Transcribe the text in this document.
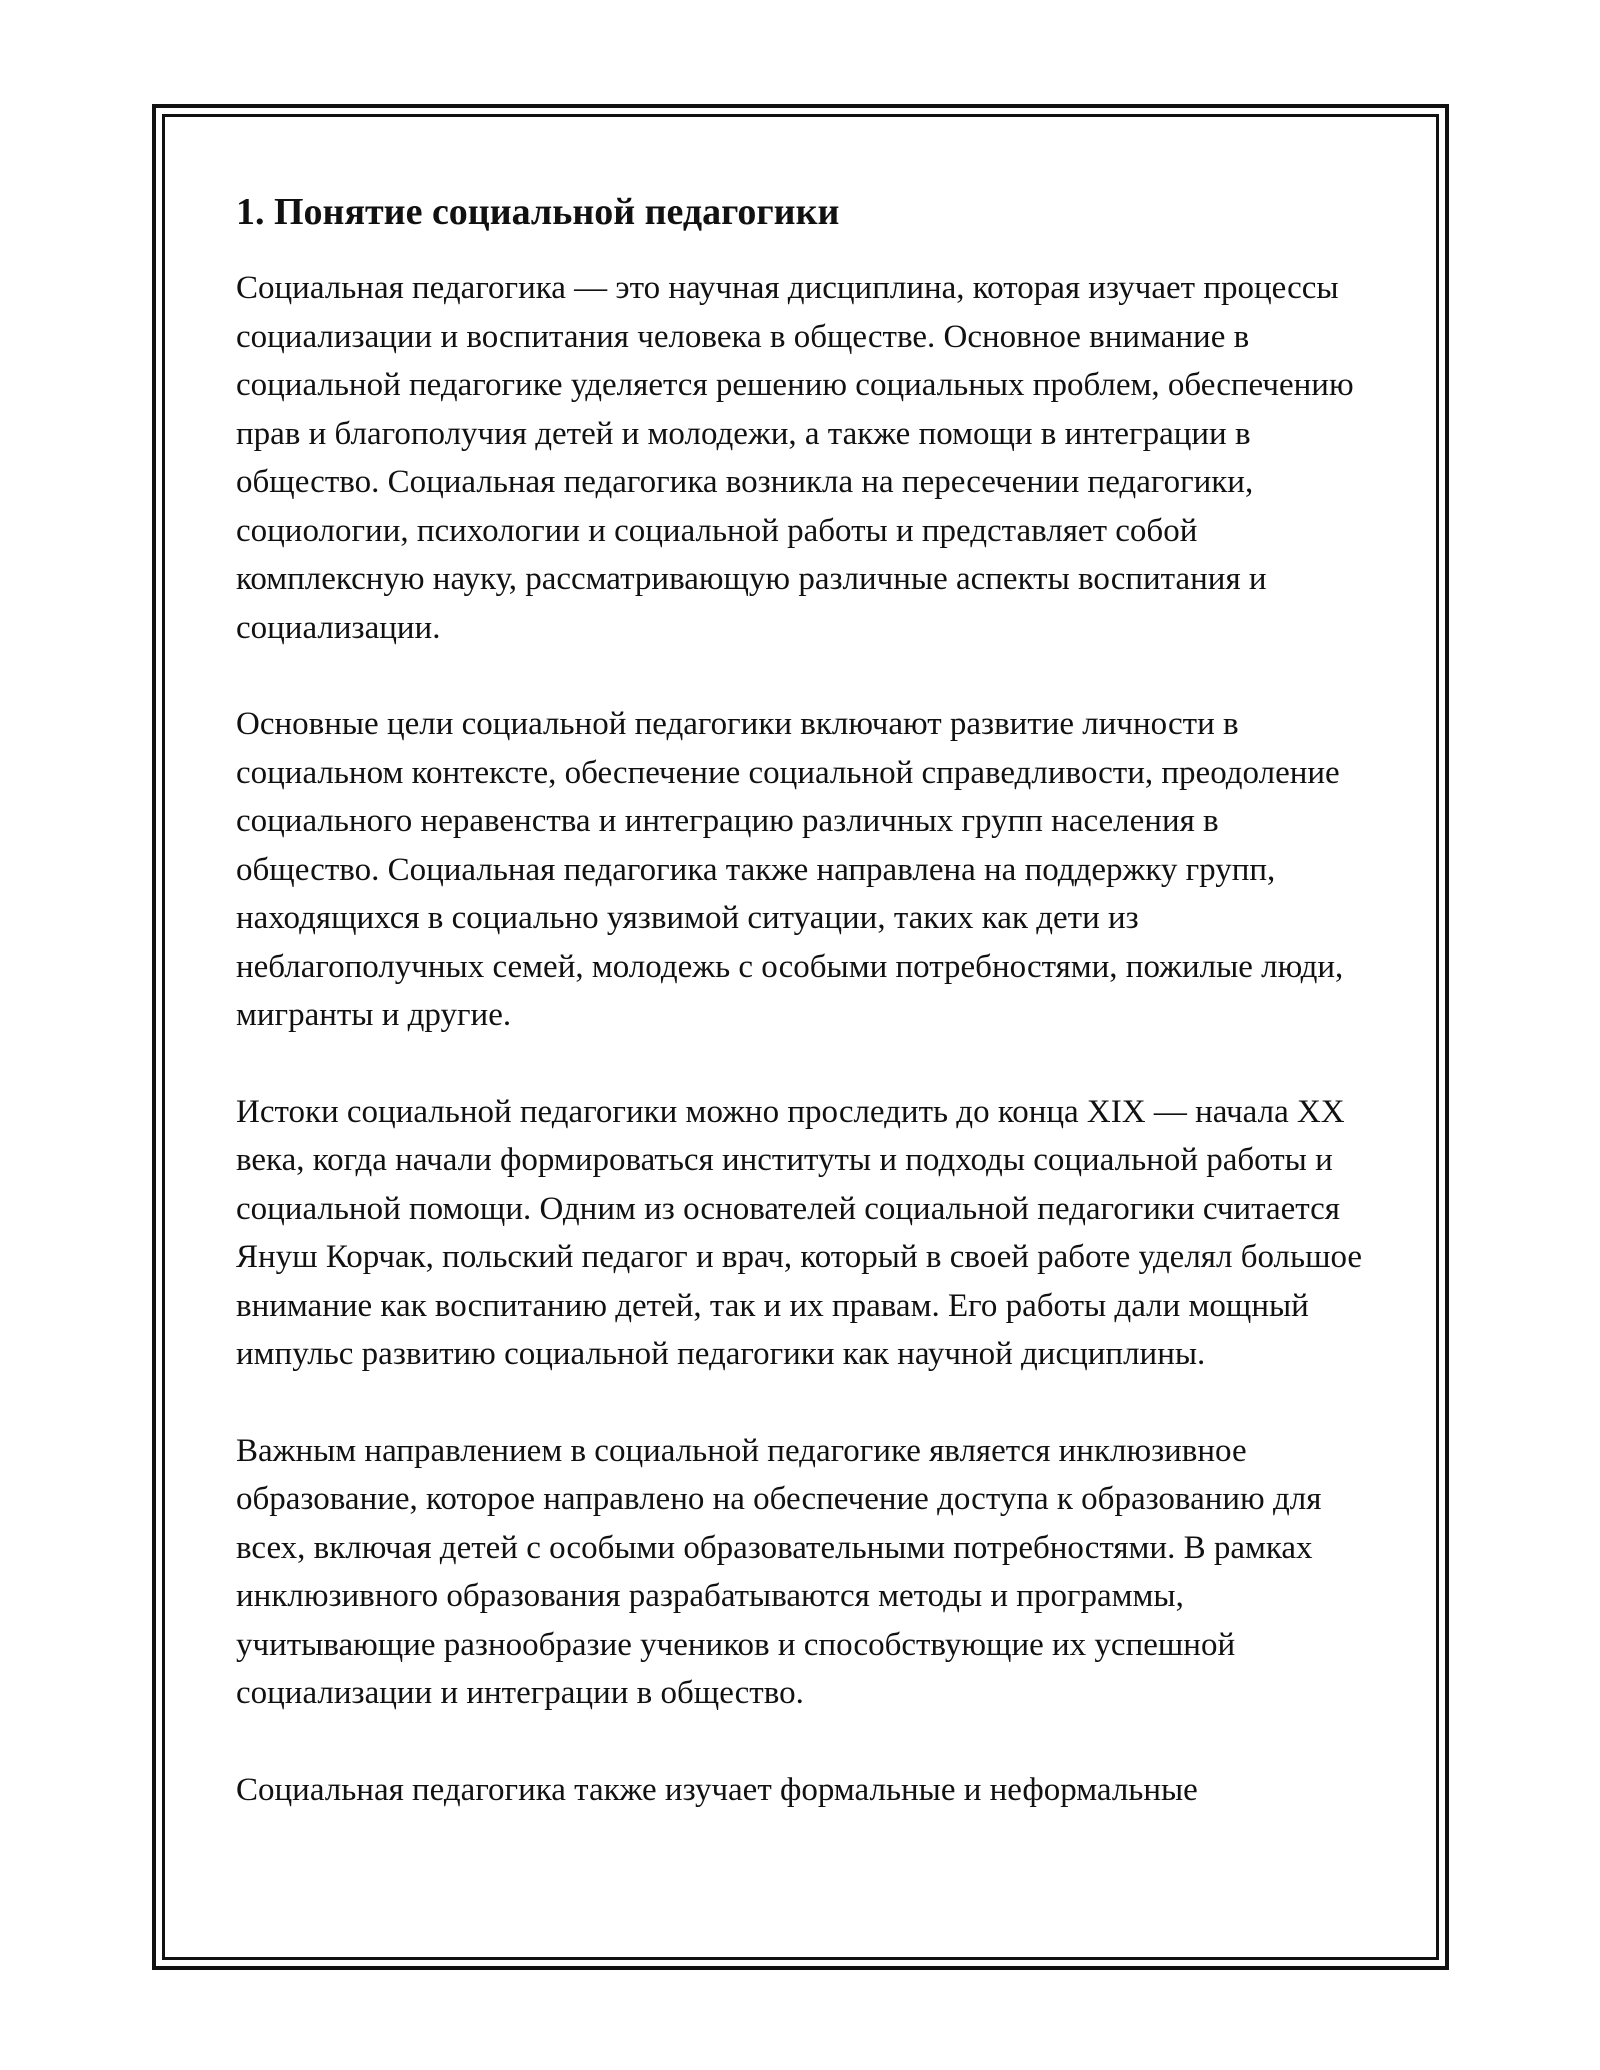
1. Понятие социальной педагогики

Социальная педагогика — это научная дисциплина, которая изучает процессы социализации и воспитания человека в обществе. Основное внимание в социальной педагогике уделяется решению социальных проблем, обеспечению прав и благополучия детей и молодежи, а также помощи в интеграции в общество. Социальная педагогика возникла на пересечении педагогики, социологии, психологии и социальной работы и представляет собой комплексную науку, рассматривающую различные аспекты воспитания и социализации.

Основные цели социальной педагогики включают развитие личности в социальном контексте, обеспечение социальной справедливости, преодоление социального неравенства и интеграцию различных групп населения в общество. Социальная педагогика также направлена на поддержку групп, находящихся в социально уязвимой ситуации, таких как дети из неблагополучных семей, молодежь с особыми потребностями, пожилые люди, мигранты и другие.

Истоки социальной педагогики можно проследить до конца XIX — начала XX века, когда начали формироваться институты и подходы социальной работы и социальной помощи. Одним из основателей социальной педагогики считается Януш Корчак, польский педагог и врач, который в своей работе уделял большое внимание как воспитанию детей, так и их правам. Его работы дали мощный импульс развитию социальной педагогики как научной дисциплины.

Важным направлением в социальной педагогике является инклюзивное образование, которое направлено на обеспечение доступа к образованию для всех, включая детей с особыми образовательными потребностями. В рамках инклюзивного образования разрабатываются методы и программы, учитывающие разнообразие учеников и способствующие их успешной социализации и интеграции в общество.

Социальная педагогика также изучает формальные и неформальные
